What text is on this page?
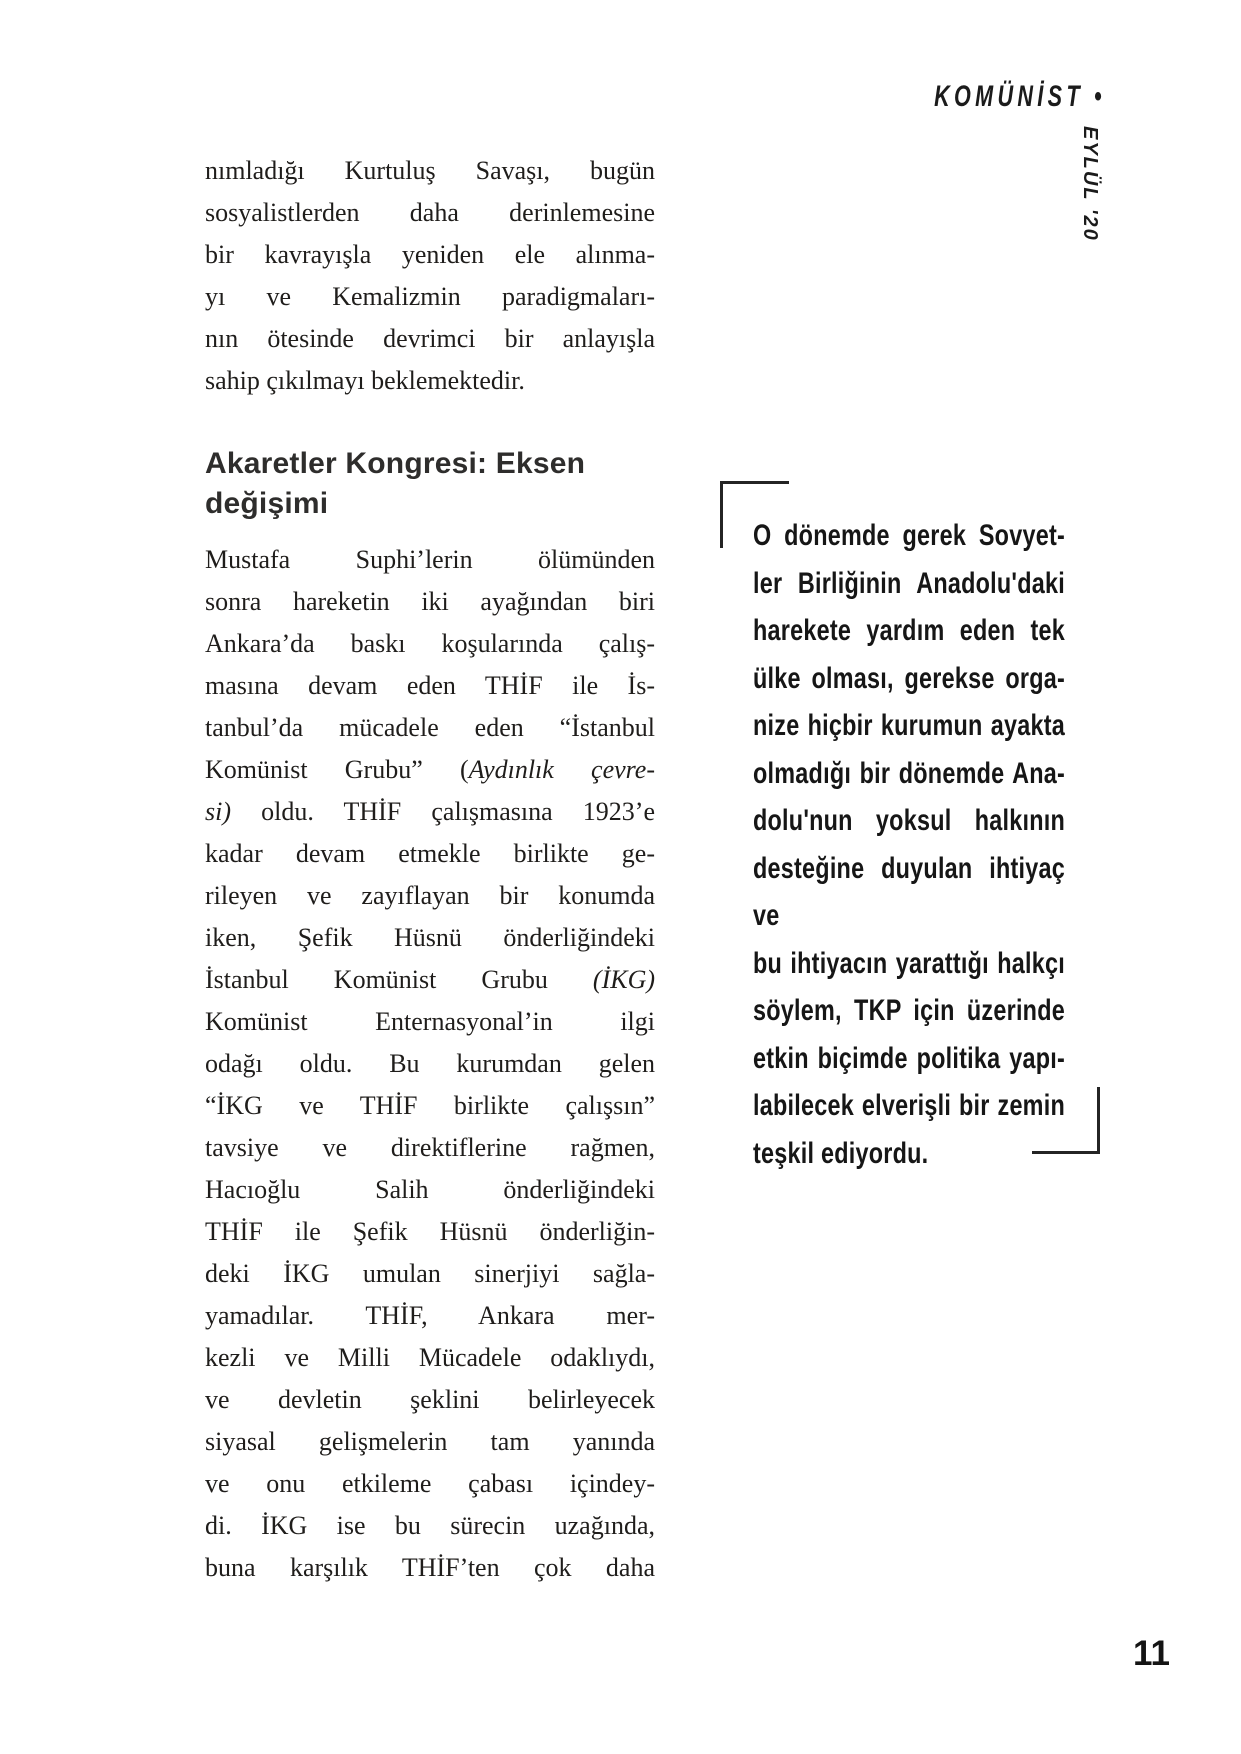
KOMÜNİST •
EYLÜL '20
nımladığı Kurtuluş Savaşı, bugün
sosyalistlerden daha derinlemesine
bir kavrayışla yeniden ele alınma-
yı ve Kemalizmin paradigmaları-
nın ötesinde devrimci bir anlayışla
sahip çıkılmayı beklemektedir.
Akaretler Kongresi: Eksen
değişimi
Mustafa Suphi’lerin ölümünden
sonra hareketin iki ayağından biri
Ankara’da baskı koşularında çalış-
masına devam eden THİF ile İs-
tanbul’da mücadele eden “İstanbul
Komünist Grubu” (Aydınlık çevre-
si) oldu. THİF çalışmasına 1923’e
kadar devam etmekle birlikte ge-
rileyen ve zayıflayan bir konumda
iken, Şefik Hüsnü önderliğindeki
İstanbul Komünist Grubu (İKG)
Komünist Enternasyonal’in ilgi
odağı oldu. Bu kurumdan gelen
“İKG ve THİF birlikte çalışsın”
tavsiye ve direktiflerine rağmen,
Hacıoğlu Salih önderliğindeki
THİF ile Şefik Hüsnü önderliğin-
deki İKG umulan sinerjiyi sağla-
yamadılar. THİF, Ankara mer-
kezli ve Milli Mücadele odaklıydı,
ve devletin şeklini belirleyecek
siyasal gelişmelerin tam yanında
ve onu etkileme çabası içindey-
di. İKG ise bu sürecin uzağında,
buna karşılık THİF’ten çok daha
O dönemde gerek Sovyet-
ler Birliğinin Anadolu'daki
harekete yardım eden tek
ülke olması, gerekse orga-
nize hiçbir kurumun ayakta
olmadığı bir dönemde Ana-
dolu'nun yoksul halkının
desteğine duyulan ihtiyaç ve
bu ihtiyacın yarattığı halkçı
söylem, TKP için üzerinde
etkin biçimde politika yapı-
labilecek elverişli bir zemin
teşkil ediyordu.
11
